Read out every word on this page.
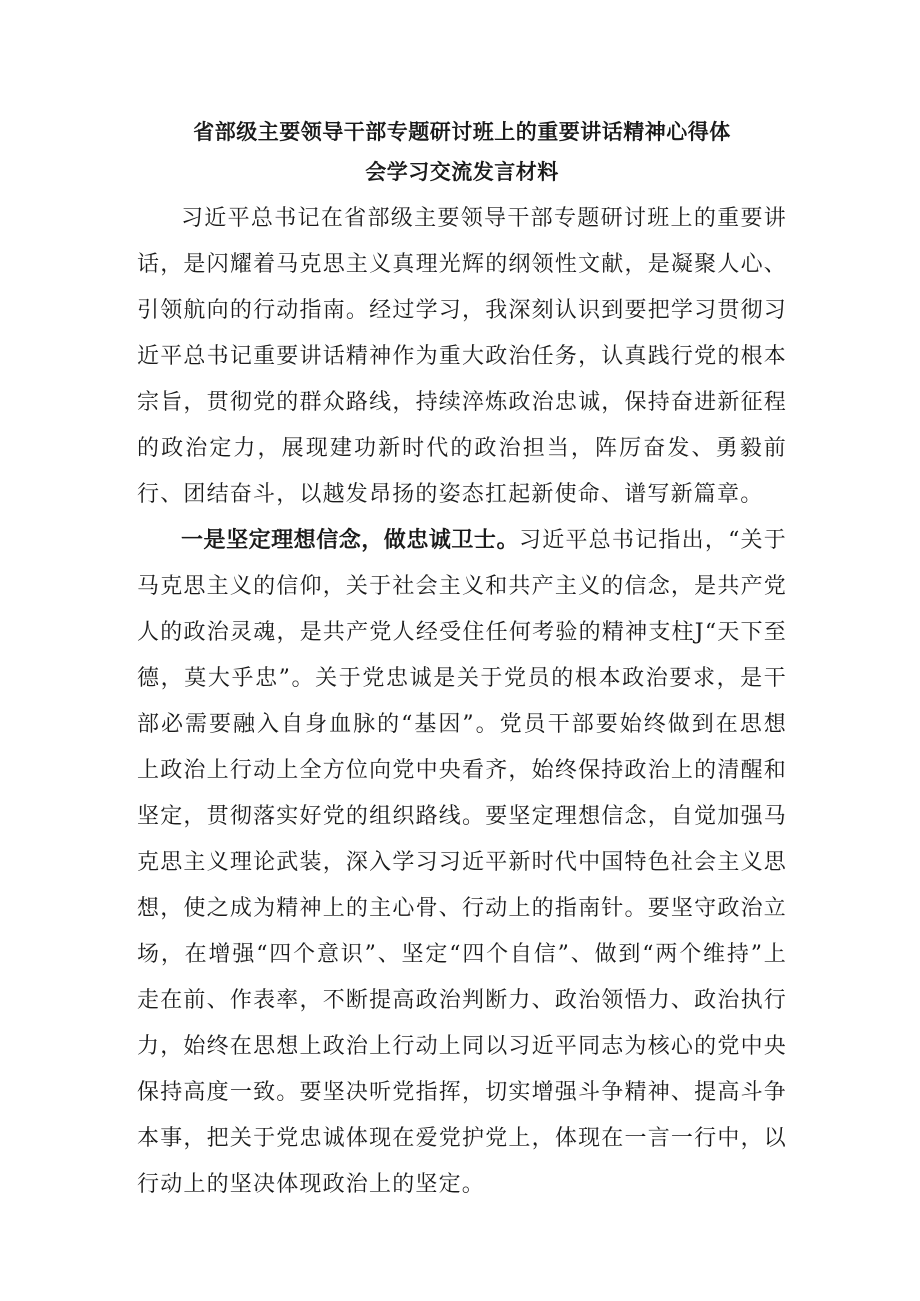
省部级主要领导干部专题研讨班上的重要讲话精神心得体
会学习交流发言材料

习近平总书记在省部级主要领导干部专题研讨班上的重要讲话，是闪耀着马克思主义真理光辉的纲领性文献，是凝聚人心、引领航向的行动指南。经过学习，我深刻认识到要把学习贯彻习近平总书记重要讲话精神作为重大政治任务，认真践行党的根本宗旨，贯彻党的群众路线，持续淬炼政治忠诚，保持奋进新征程的政治定力，展现建功新时代的政治担当，阵厉奋发、勇毅前行、团结奋斗，以越发昂扬的姿态扛起新使命、谱写新篇章。

一是坚定理想信念，做忠诚卫士。习近平总书记指出，“关于马克思主义的信仰，关于社会主义和共产主义的信念，是共产党人的政治灵魂，是共产党人经受住任何考验的精神支柱J“天下至德，莫大乎忠”。关于党忠诚是关于党员的根本政治要求，是干部必需要融入自身血脉的“基因”。党员干部要始终做到在思想上政治上行动上全方位向党中央看齐，始终保持政治上的清醒和坚定，贯彻落实好党的组织路线。要坚定理想信念，自觉加强马克思主义理论武装，深入学习习近平新时代中国特色社会主义思想，使之成为精神上的主心骨、行动上的指南针。要坚守政治立场，在增强“四个意识”、坚定“四个自信”、做到“两个维持”上走在前、作表率，不断提高政治判断力、政治领悟力、政治执行力，始终在思想上政治上行动上同以习近平同志为核心的党中央保持高度一致。要坚决听党指挥，切实增强斗争精神、提高斗争本事，把关于党忠诚体现在爱党护党上，体现在一言一行中，以行动上的坚决体现政治上的坚定。
